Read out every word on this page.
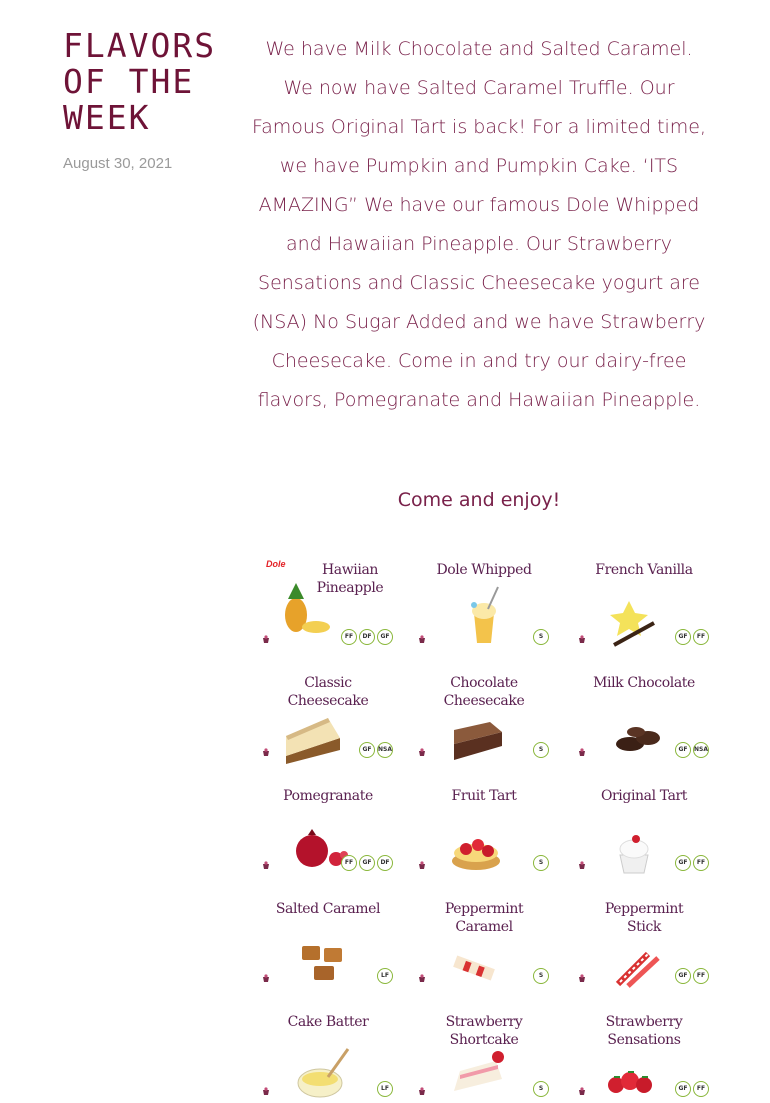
FLAVORS OF THE WEEK
August 30, 2021

We have Milk Chocolate and Salted Caramel. We now have Salted Caramel Truffle. Our Famous Original Tart is back! For a limited time, we have Pumpkin and Pumpkin Cake. ‘ITS AMAZING” We have our famous Dole Whipped and Hawaiian Pineapple. Our Strawberry Sensations and Classic Cheesecake yogurt are (NSA) No Sugar Added and we have Strawberry Cheesecake. Come in and try our dairy-free flavors, Pomegranate and Hawaiian Pineapple.

Come and enjoy!

Dole	Hawiian
Pineapple
FF	DF	GF
Dole Whipped
S
French Vanilla
GF	FF
Classic
Cheesecake
GF	NSA
Chocolate
Cheesecake
S
Milk Chocolate
GF	NSA
Pomegranate
FF	GF	DF
Fruit Tart
S
Original Tart
GF	FF
Salted Caramel
LF
Peppermint
Caramel
S
Peppermint
Stick
GF	FF
Cake Batter
LF
Strawberry
Shortcake
S
Strawberry
Sensations
GF	FF
